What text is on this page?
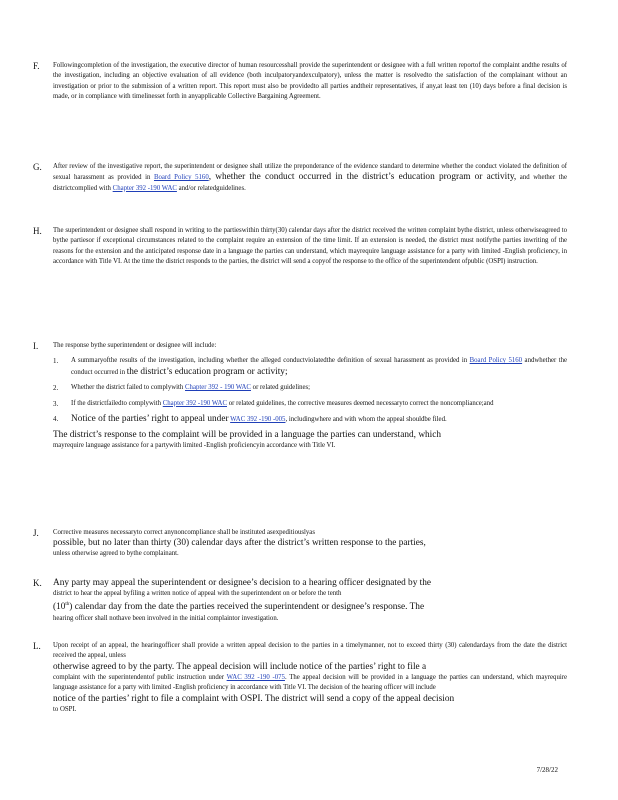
F. Followingcompletion of the investigation, the executive director of human resourcesshall provide the superintendent or designee with a full written reportof the complaint andthe results of the investigation, including an objective evaluation of all evidence (both inculpatoryandexculpatory), unless the matter is resolvedto the satisfaction of the complainant without an investigation or prior to the submission of a written report. This report must also be providedto all parties andtheir representatives, if any,at least ten (10) days before a final decision is made, or in compliance with timelinesset forth in anyapplicable Collective Bargaining Agreement.
G. After review of the investigative report, the superintendent or designee shall utilize the preponderance of the evidence standard to determine whether the conduct violated the definition of sexual harassment as provided in Board Policy 5160, whether the conduct occurred in the district’s education program or activity, and whether the districtcomplied with Chapter 392 -190 WAC and/or relatedguidelines.
H. The superintendent or designee shall respond in writing to the partieswithin thirty(30) calendar days after the district received the written complaint bythe district, unless otherwiseagreed to bythe partiesor if exceptional circumstances related to the complaint require an extension of the time limit. If an extension is needed, the district must notifythe parties inwriting of the reasons for the extension and the anticipated response date in a language the parties can understand, which mayrequire language assistance for a party with limited -English proficiency, in accordance with Title VI. At the time the district responds to the parties, the district will send a copyof the response to the office of the superintendent ofpublic (OSPI) instruction.
I. The response bythe superintendent or designee will include:
1. A summaryofthe results of the investigation, including whether the alleged conductviolatedthe definition of sexual harassment as provided in Board Policy 5160 andwhether the conduct occurred in the district’s education program or activity;
2. Whether the district failed to complywith Chapter 392 - 190 WAC or related guidelines;
3. If the districtfailedto complywith Chapter 392 -190 WAC or related guidelines, the corrective measures deemed necessaryto correct the noncompliance;and
4. Notice of the parties’ right to appeal under WAC 392 -190 -005, includingwhere and with whom the appeal shouldbe filed.
The district’s response to the complaint will be provided in a language the parties can understand, which
mayrequire language assistance for a partywith limited -English proficiencyin accordance with Title VI.
J. Corrective measures necessaryto correct anynoncompliance shall be instituted asexpeditiouslyas
possible, but no later than thirty (30) calendar days after the district’s written response to the parties,
unless otherwise agreed to bythe complainant.
K. Any party may appeal the superintendent or designee’s decision to a hearing officer designated by the
district to hear the appeal byfiling a written notice of appeal with the superintendent on or before the tenth
(10th) calendar day from the date the parties received the superintendent or designee’s response. The
hearing officer shall nothave been involved in the initial complaintor investigation.
L. Upon receipt of an appeal, the hearingofficer shall provide a written appeal decision to the parties in a timelymanner, not to exceed thirty (30) calendardays from the date the district received the appeal, unless
otherwise agreed to by the party. The appeal decision will include notice of the parties’ right to file a
complaint with the superintendentof public instruction under WAC 392 -190 -075. The appeal decision will be provided in a language the parties can understand, which mayrequire language assistance for a party with limited -English proficiency in accordance with Title VI. The decision of the hearing officer will include
notice of the parties’ right to file a complaint with OSPI. The district will send a copy of the appeal decision
to OSPI.
7/28/22
